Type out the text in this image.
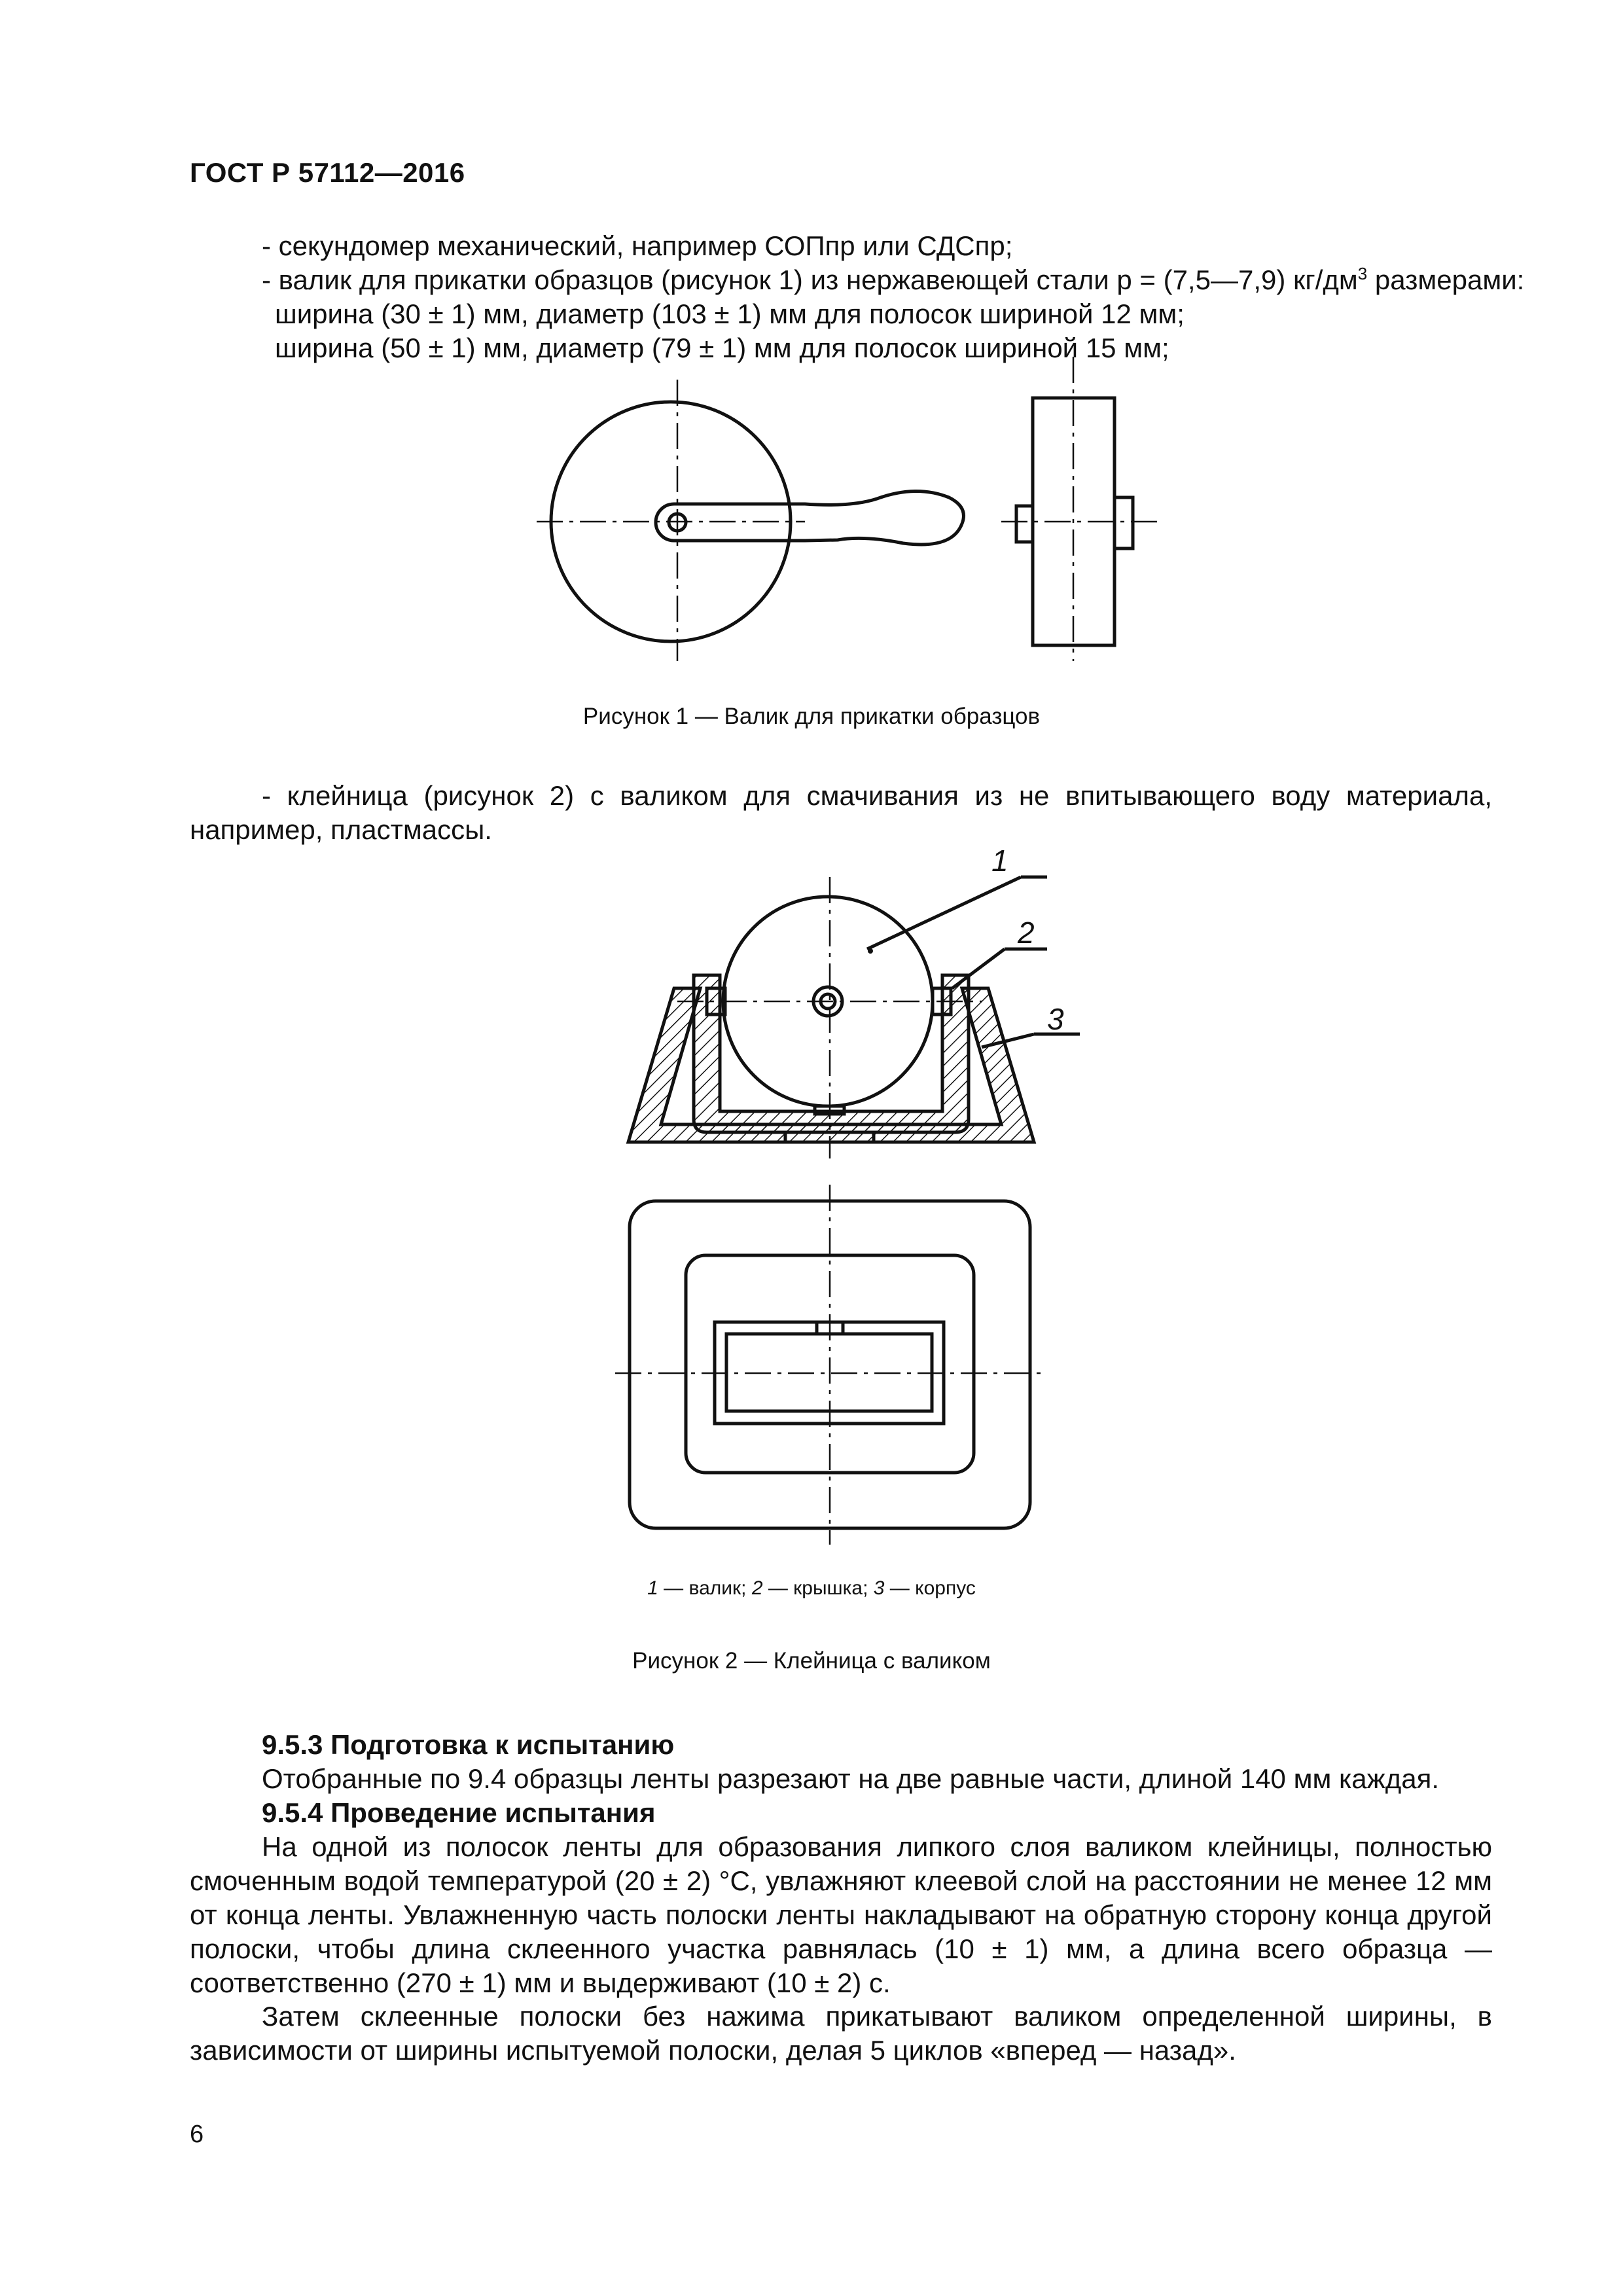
ГОСТ Р 57112—2016
- секундомер механический, например СОПпр или СДСпр;
- валик для прикатки образцов (рисунок 1) из нержавеющей стали р = (7,5—7,9) $кг/дм^3$ размерами:
ширина (30 ± 1) мм, диаметр (103 ± 1) мм для полосок шириной 12 мм;
ширина (50 ± 1) мм, диаметр (79 ± 1) мм для полосок шириной 15 мм;
Рисунок 1 — Валик для прикатки образцов
- клейница (рисунок 2) с валиком для смачивания из не впитывающего воду материала, например, пластмассы.
1
2
3
1 — валик; 2 — крышка; 3 — корпус
Рисунок 2 — Клейница с валиком
9.5.3 Подготовка к испытанию
Отобранные по 9.4 образцы ленты разрезают на две равные части, длиной 140 мм каждая.
9.5.4 Проведение испытания
На одной из полосок ленты для образования липкого слоя валиком клейницы, полностью смоченным водой температурой (20 ± 2) °С, увлажняют клеевой слой на расстоянии не менее 12 мм от конца ленты. Увлажненную часть полоски ленты накладывают на обратную сторону конца другой полоски, чтобы длина склеенного участка равнялась (10 ± 1) мм, а длина всего образца — соответственно (270 ± 1) мм и выдерживают (10 ± 2) с.
Затем склеенные полоски без нажима прикатывают валиком определенной ширины, в зависимости от ширины испытуемой полоски, делая 5 циклов «вперед — назад».
6
